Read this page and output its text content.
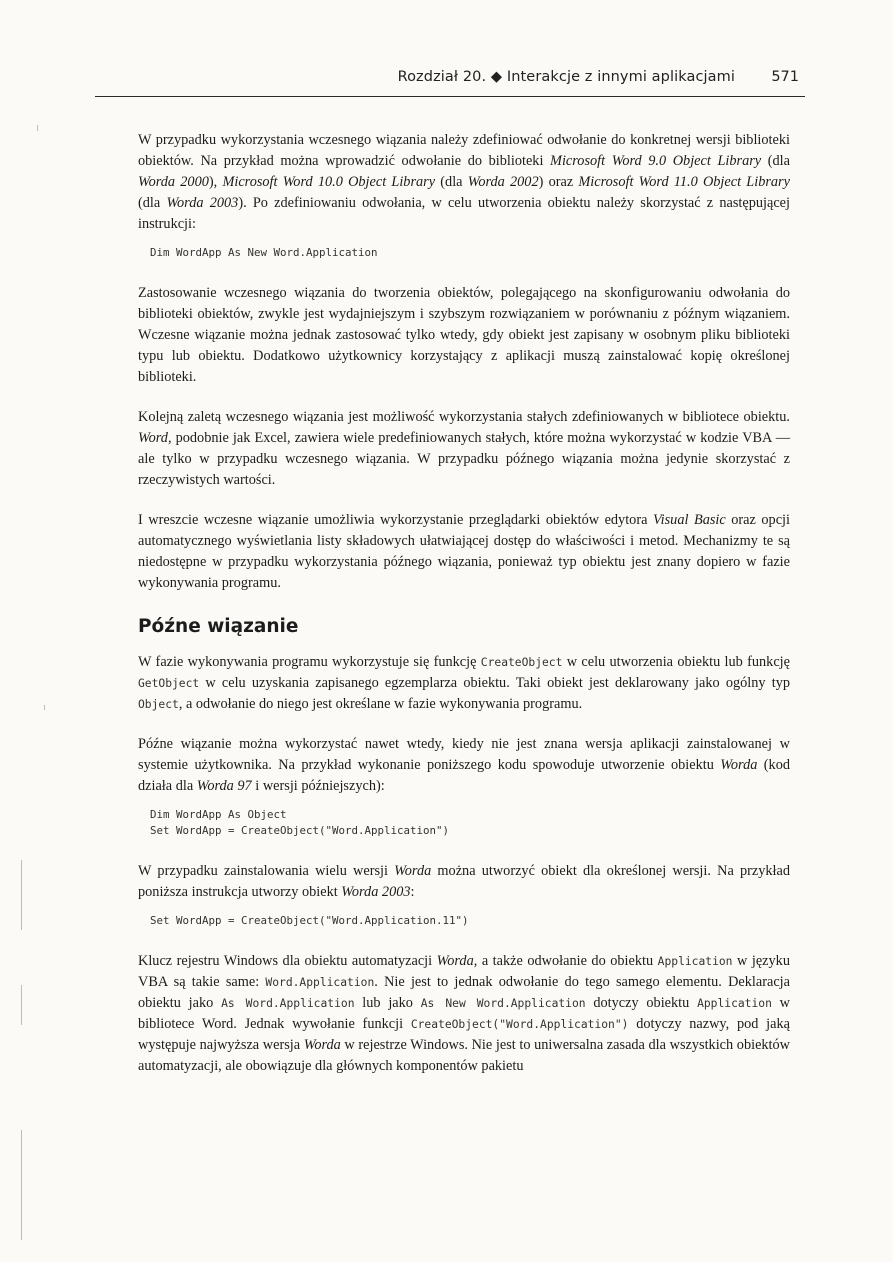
Rozdział 20. ◆ Interakcje z innymi aplikacjami	571

W przypadku wykorzystania wczesnego wiązania należy zdefiniować odwołanie do konkretnej wersji biblioteki obiektów. Na przykład można wprowadzić odwołanie do biblioteki Microsoft Word 9.0 Object Library (dla Worda 2000), Microsoft Word 10.0 Object Library (dla Worda 2002) oraz Microsoft Word 11.0 Object Library (dla Worda 2003). Po zdefiniowaniu odwołania, w celu utworzenia obiektu należy skorzystać z następującej instrukcji:

Dim WordApp As New Word.Application

Zastosowanie wczesnego wiązania do tworzenia obiektów, polegającego na skonfigurowaniu odwołania do biblioteki obiektów, zwykle jest wydajniejszym i szybszym rozwiązaniem w porównaniu z późnym wiązaniem. Wczesne wiązanie można jednak zastosować tylko wtedy, gdy obiekt jest zapisany w osobnym pliku biblioteki typu lub obiektu. Dodatkowo użytkownicy korzystający z aplikacji muszą zainstalować kopię określonej biblioteki.

Kolejną zaletą wczesnego wiązania jest możliwość wykorzystania stałych zdefiniowanych w bibliotece obiektu. Word, podobnie jak Excel, zawiera wiele predefiniowanych stałych, które można wykorzystać w kodzie VBA — ale tylko w przypadku wczesnego wiązania. W przypadku późnego wiązania można jedynie skorzystać z rzeczywistych wartości.

I wreszcie wczesne wiązanie umożliwia wykorzystanie przeglądarki obiektów edytora Visual Basic oraz opcji automatycznego wyświetlania listy składowych ułatwiającej dostęp do właściwości i metod. Mechanizmy te są niedostępne w przypadku wykorzystania późnego wiązania, ponieważ typ obiektu jest znany dopiero w fazie wykonywania programu.

Późne wiązanie

W fazie wykonywania programu wykorzystuje się funkcję CreateObject w celu utworzenia obiektu lub funkcję GetObject w celu uzyskania zapisanego egzemplarza obiektu. Taki obiekt jest deklarowany jako ogólny typ Object, a odwołanie do niego jest określane w fazie wykonywania programu.

Późne wiązanie można wykorzystać nawet wtedy, kiedy nie jest znana wersja aplikacji zainstalowanej w systemie użytkownika. Na przykład wykonanie poniższego kodu spowoduje utworzenie obiektu Worda (kod działa dla Worda 97 i wersji późniejszych):

Dim WordApp As Object
Set WordApp = CreateObject("Word.Application")

W przypadku zainstalowania wielu wersji Worda można utworzyć obiekt dla określonej wersji. Na przykład poniższa instrukcja utworzy obiekt Worda 2003:

Set WordApp = CreateObject("Word.Application.11")

Klucz rejestru Windows dla obiektu automatyzacji Worda, a także odwołanie do obiektu Application w języku VBA są takie same: Word.Application. Nie jest to jednak odwołanie do tego samego elementu. Deklaracja obiektu jako As Word.Application lub jako As New Word.Application dotyczy obiektu Application w bibliotece Word. Jednak wywołanie funkcji CreateObject("Word.Application") dotyczy nazwy, pod jaką występuje najwyższa wersja Worda w rejestrze Windows. Nie jest to uniwersalna zasada dla wszystkich obiektów automatyzacji, ale obowiązuje dla głównych komponentów pakietu
